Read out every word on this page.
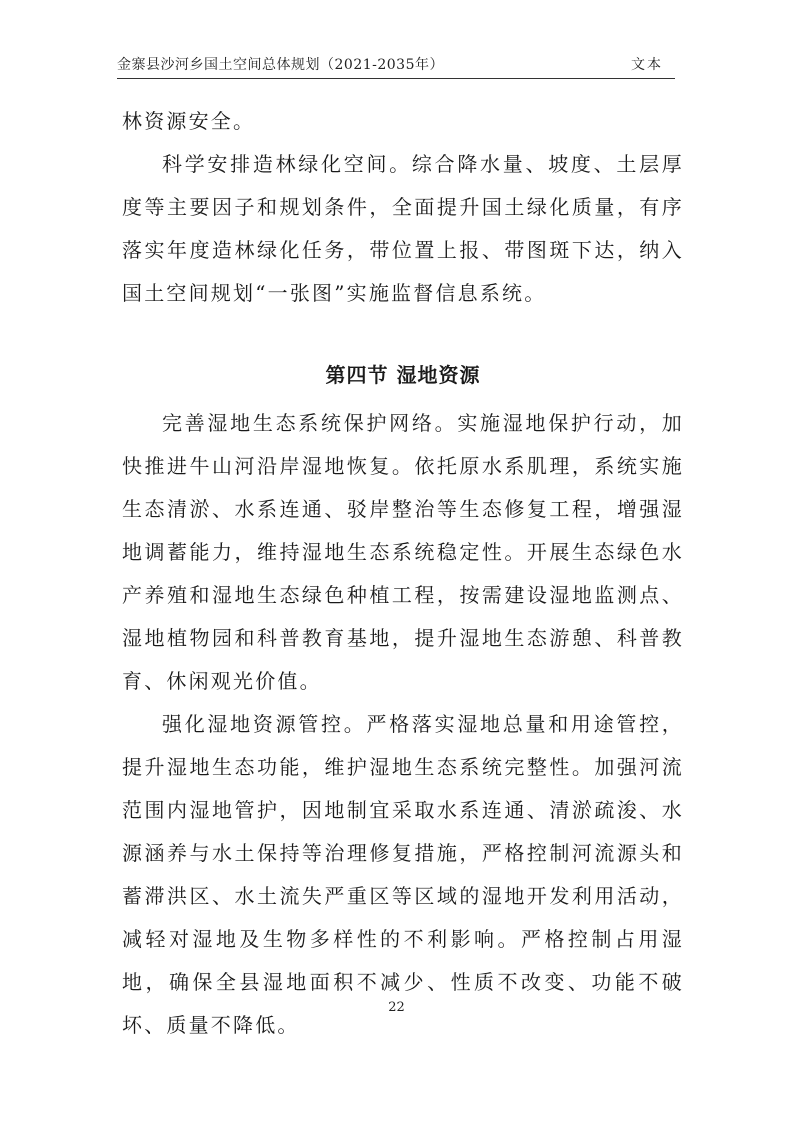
金寨县沙河乡国土空间总体规划（2021-2035年）	文本

林资源安全。

科学安排造林绿化空间。综合降水量、坡度、土层厚度等主要因子和规划条件，全面提升国土绿化质量，有序落实年度造林绿化任务，带位置上报、带图斑下达，纳入国土空间规划“一张图”实施监督信息系统。

第四节 湿地资源

完善湿地生态系统保护网络。实施湿地保护行动，加快推进牛山河沿岸湿地恢复。依托原水系肌理，系统实施生态清淤、水系连通、驳岸整治等生态修复工程，增强湿地调蓄能力，维持湿地生态系统稳定性。开展生态绿色水产养殖和湿地生态绿色种植工程，按需建设湿地监测点、湿地植物园和科普教育基地，提升湿地生态游憩、科普教育、休闲观光价值。

强化湿地资源管控。严格落实湿地总量和用途管控，提升湿地生态功能，维护湿地生态系统完整性。加强河流范围内湿地管护，因地制宜采取水系连通、清淤疏浚、水源涵养与水土保持等治理修复措施，严格控制河流源头和蓄滞洪区、水土流失严重区等区域的湿地开发利用活动，减轻对湿地及生物多样性的不利影响。严格控制占用湿地，确保全县湿地面积不减少、性质不改变、功能不破坏、质量不降低。

22
